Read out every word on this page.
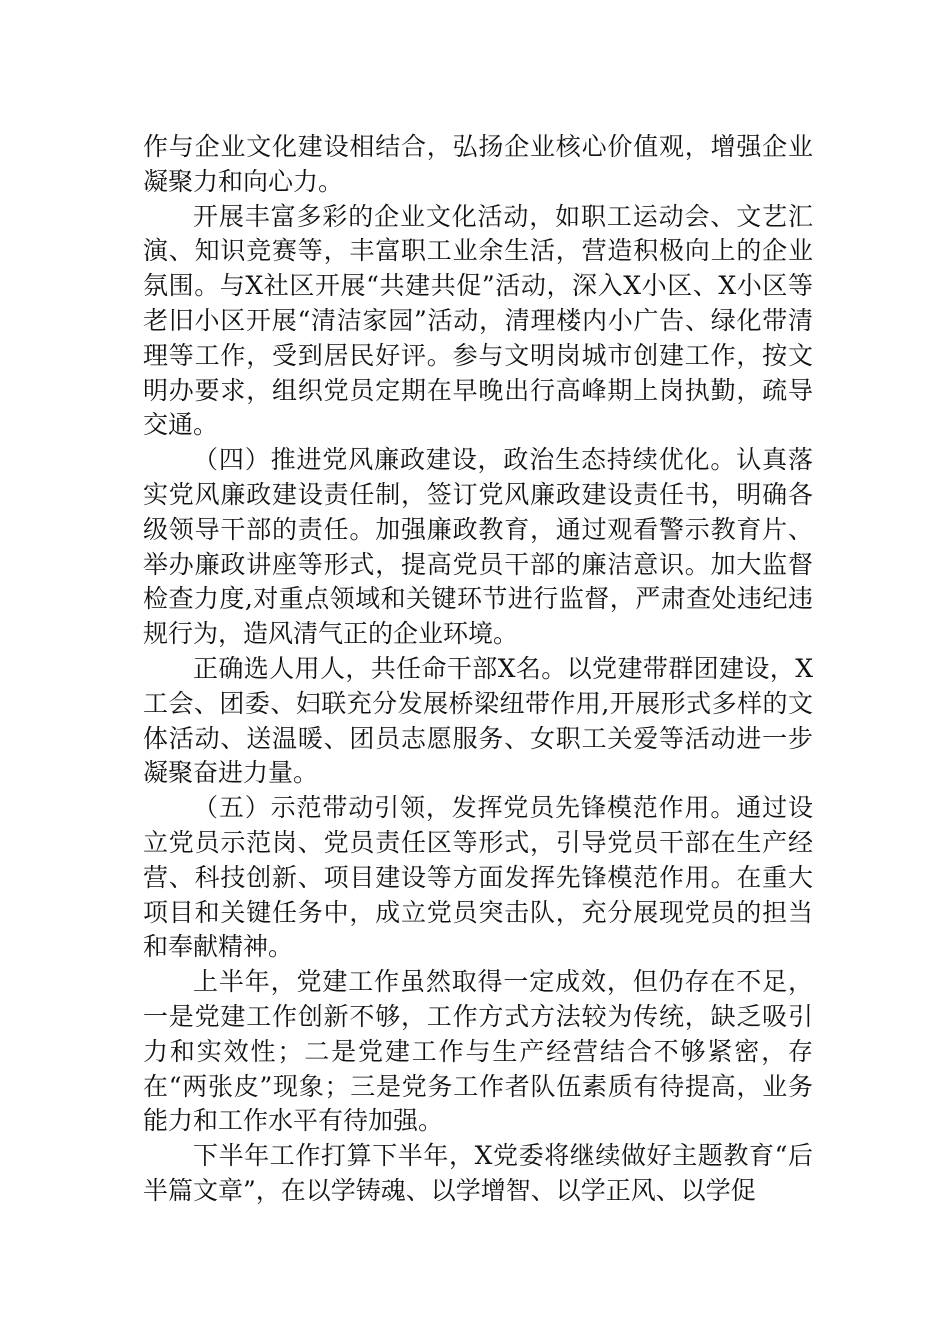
作与企业文化建设相结合，弘扬企业核心价值观，增强企业凝聚力和向心力。

开展丰富多彩的企业文化活动，如职工运动会、文艺汇演、知识竞赛等，丰富职工业余生活，营造积极向上的企业氛围。与X社区开展“共建共促”活动，深入X小区、X小区等老旧小区开展“清洁家园”活动，清理楼内小广告、绿化带清理等工作，受到居民好评。参与文明岗城市创建工作，按文明办要求，组织党员定期在早晚出行高峰期上岗执勤，疏导交通。

（四）推进党风廉政建设，政治生态持续优化。认真落实党风廉政建设责任制，签订党风廉政建设责任书，明确各级领导干部的责任。加强廉政教育，通过观看警示教育片、举办廉政讲座等形式，提高党员干部的廉洁意识。加大监督检查力度,对重点领域和关键环节进行监督，严肃查处违纪违规行为，造风清气正的企业环境。

正确选人用人，共任命干部X名。以党建带群团建设，X工会、团委、妇联充分发展桥梁纽带作用,开展形式多样的文体活动、送温暖、团员志愿服务、女职工关爱等活动进一步凝聚奋进力量。

（五）示范带动引领，发挥党员先锋模范作用。通过设立党员示范岗、党员责任区等形式，引导党员干部在生产经营、科技创新、项目建设等方面发挥先锋模范作用。在重大项目和关键任务中，成立党员突击队，充分展现党员的担当和奉献精神。

上半年，党建工作虽然取得一定成效，但仍存在不足，一是党建工作创新不够，工作方式方法较为传统，缺乏吸引力和实效性；二是党建工作与生产经营结合不够紧密，存在“两张皮”现象；三是党务工作者队伍素质有待提高，业务能力和工作水平有待加强。

下半年工作打算下半年，X党委将继续做好主题教育“后半篇文章”，在以学铸魂、以学增智、以学正风、以学促
